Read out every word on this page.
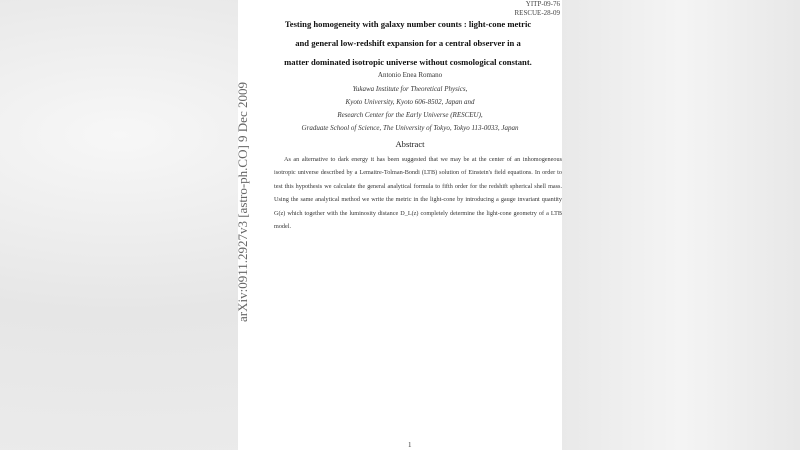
YITP-09-76
RESCUE-28-09
Testing homogeneity with galaxy number counts : light-cone metric
and general low-redshift expansion for a central observer in a
matter dominated isotropic universe without cosmological constant.
Antonio Enea Romano
Yukawa Institute for Theoretical Physics,
Kyoto University, Kyoto 606-8502, Japan and
Research Center for the Early Universe (RESCEU),
Graduate School of Science, The University of Tokyo, Tokyo 113-0033, Japan
Abstract
As an alternative to dark energy it has been suggested that we may be at the center of an inhomogeneous isotropic universe described by a Lemaitre-Tolman-Bondi (LTB) solution of Einstein's field equations. In order to test this hypothesis we calculate the general analytical formula to fifth order for the redshift spherical shell mass. Using the same analytical method we write the metric in the light-cone by introducing a gauge invariant quantity G(z) which together with the luminosity distance D_L(z) completely determine the light-cone geometry of a LTB model.
arXiv:0911.2927v3 [astro-ph.CO] 9 Dec 2009
1
